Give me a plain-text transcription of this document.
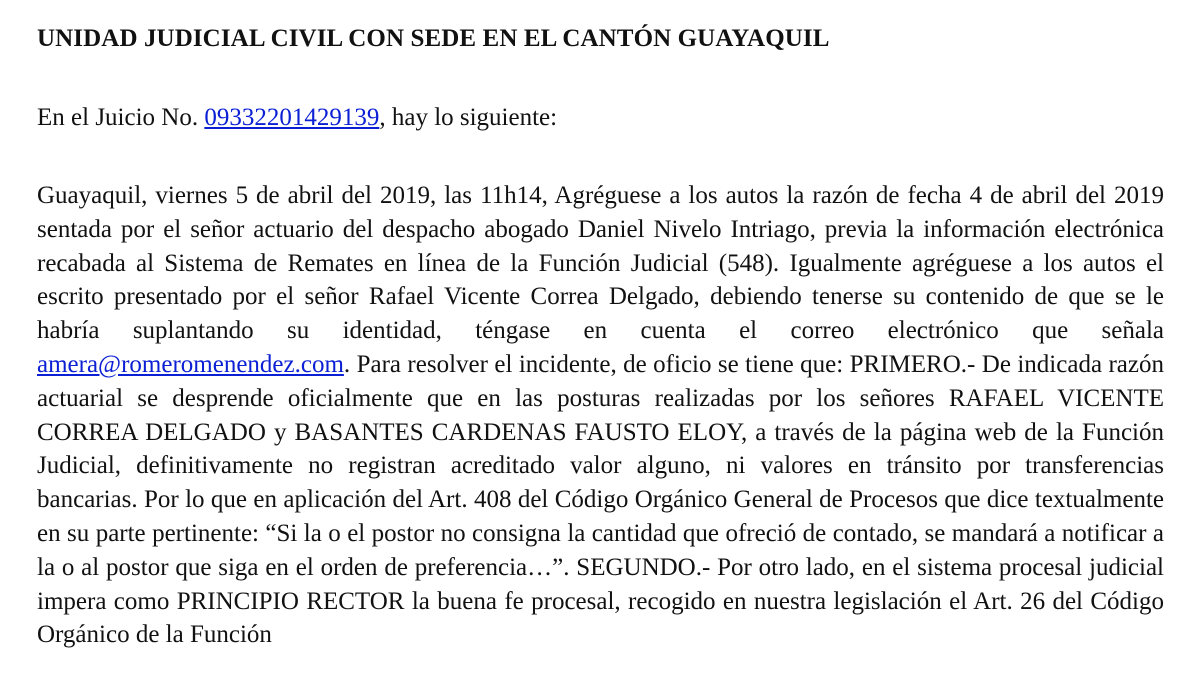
UNIDAD JUDICIAL CIVIL CON SEDE EN EL CANTÓN GUAYAQUIL

En el Juicio No. 09332201429139, hay lo siguiente:

Guayaquil, viernes 5 de abril del 2019, las 11h14, Agréguese a los autos la razón de fecha 4 de abril del 2019 sentada por el señor actuario del despacho abogado Daniel Nivelo Intriago, previa la información electrónica recabada al Sistema de Remates en línea de la Función Judicial (548). Igualmente agréguese a los autos el escrito presentado por el señor Rafael Vicente Correa Delgado, debiendo tenerse su contenido de que se le habría suplantando su identidad, téngase en cuenta el correo electrónico que señala amera@romeromenendez.com. Para resolver el incidente, de oficio se tiene que: PRIMERO.- De indicada razón actuarial se desprende oficialmente que en las posturas realizadas por los señores RAFAEL VICENTE CORREA DELGADO y BASANTES CARDENAS FAUSTO ELOY, a través de la página web de la Función Judicial, definitivamente no registran acreditado valor alguno, ni valores en tránsito por transferencias bancarias. Por lo que en aplicación del Art. 408 del Código Orgánico General de Procesos que dice textualmente en su parte pertinente: “Si la o el postor no consigna la cantidad que ofreció de contado, se mandará a notificar a la o al postor que siga en el orden de preferencia…”. SEGUNDO.- Por otro lado, en el sistema procesal judicial impera como PRINCIPIO RECTOR la buena fe procesal, recogido en nuestra legislación el Art. 26 del Código Orgánico de la Función
